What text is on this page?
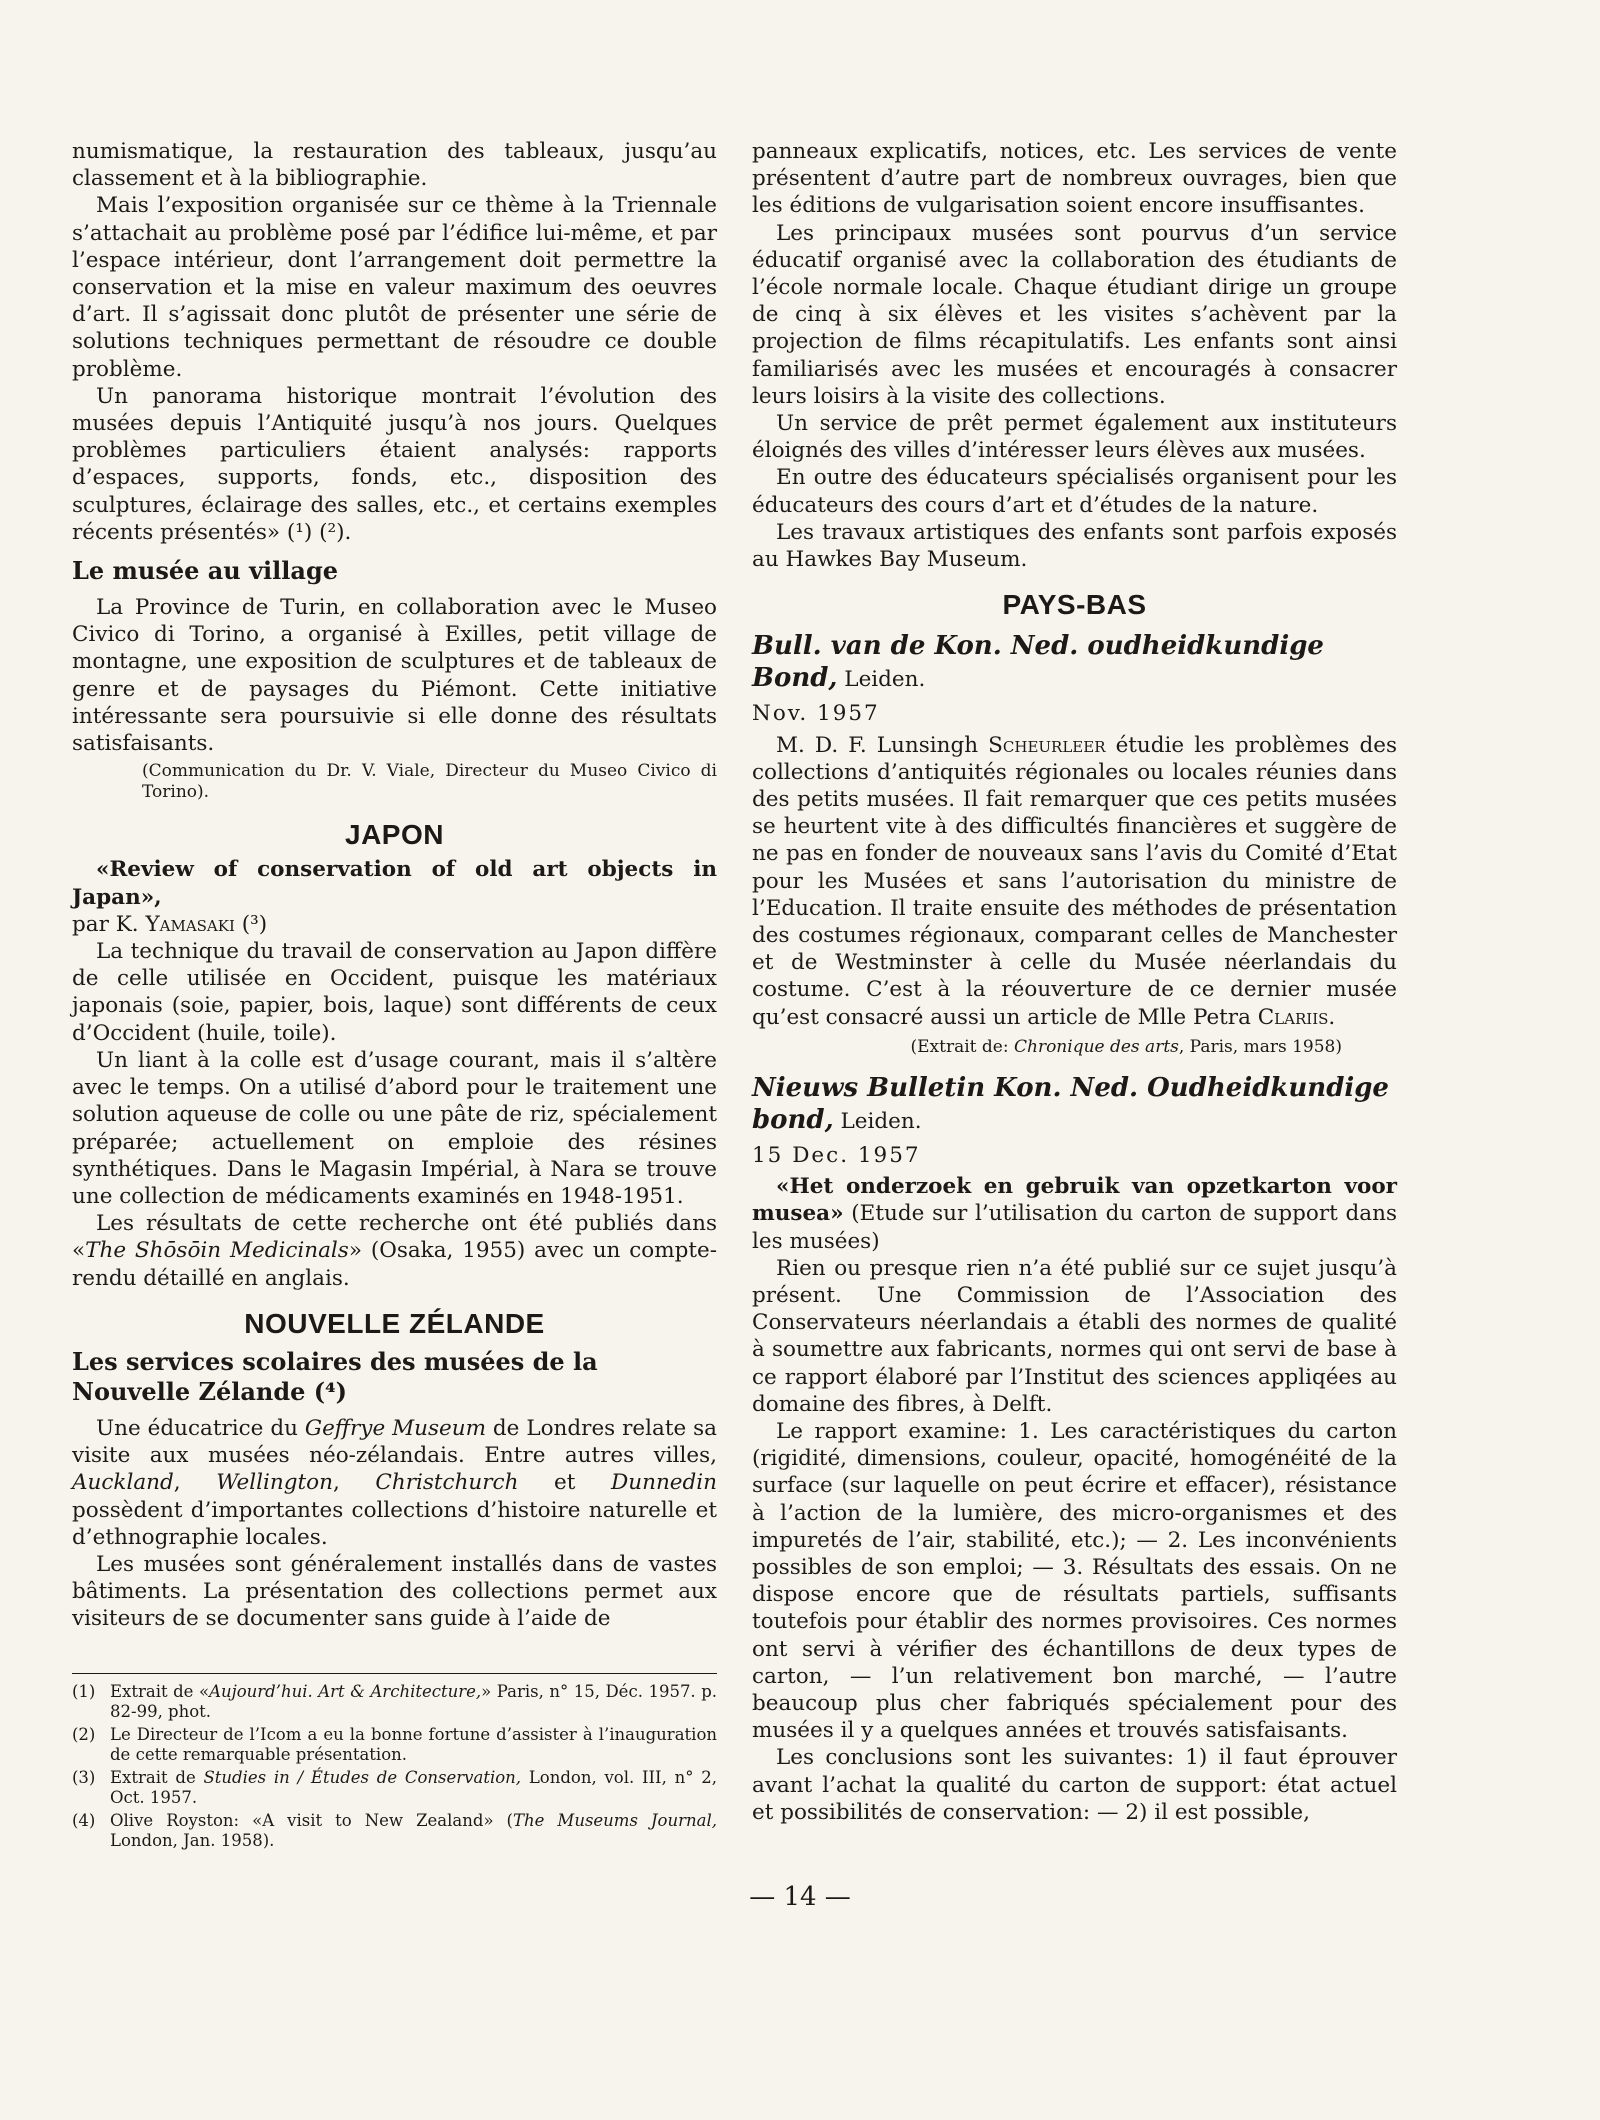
numismatique, la restauration des tableaux, jusqu’au classement et à la bibliographie.

Mais l’exposition organisée sur ce thème à la Triennale s’attachait au problème posé par l’édifice lui-même, et par l’espace intérieur, dont l’arrangement doit permettre la conservation et la mise en valeur maximum des oeuvres d’art. Il s’agissait donc plutôt de présenter une série de solutions techniques permettant de résoudre ce double problème.

Un panorama historique montrait l’évolution des musées depuis l’Antiquité jusqu’à nos jours. Quelques problèmes particuliers étaient analysés: rapports d’espaces, supports, fonds, etc., disposition des sculptures, éclairage des salles, etc., et certains exemples récents présentés» (¹) (²).

Le musée au village

La Province de Turin, en collaboration avec le Museo Civico di Torino, a organisé à Exilles, petit village de montagne, une exposition de sculptures et de tableaux de genre et de paysages du Piémont. Cette initiative intéressante sera poursuivie si elle donne des résultats satisfaisants.

(Communication du Dr. V. Viale, Directeur du Museo Civico di Torino).
JAPON

«Review of conservation of old art objects in Japan»,
par K. Yamasaki (³)

La technique du travail de conservation au Japon diffère de celle utilisée en Occident, puisque les matériaux japonais (soie, papier, bois, laque) sont différents de ceux d’Occident (huile, toile).

Un liant à la colle est d’usage courant, mais il s’altère avec le temps. On a utilisé d’abord pour le traitement une solution aqueuse de colle ou une pâte de riz, spécialement préparée; actuellement on emploie des résines synthétiques. Dans le Magasin Impérial, à Nara se trouve une collection de médicaments examinés en 1948-1951.

Les résultats de cette recherche ont été publiés dans «The Shōsōin Medicinals» (Osaka, 1955) avec un compte-rendu détaillé en anglais.

NOUVELLE ZÉLANDE
Les services scolaires des musées de la Nouvelle Zélande (⁴)

Une éducatrice du Geffrye Museum de Londres relate sa visite aux musées néo-zélandais. Entre autres villes, Auckland, Wellington, Christchurch et Dunnedin possèdent d’importantes collections d’histoire naturelle et d’ethnographie locales.

Les musées sont généralement installés dans de vastes bâtiments. La présentation des collections permet aux visiteurs de se documenter sans guide à l’aide de

(1) Extrait de «Aujourd’hui. Art & Architecture,» Paris, n° 15, Déc. 1957. p. 82-99, phot.
(2) Le Directeur de l’Icom a eu la bonne fortune d’assister à l’inauguration de cette remarquable présentation.
(3) Extrait de Studies in / Études de Conservation, London, vol. III, n° 2, Oct. 1957.
(4) Olive Royston: «A visit to New Zealand» (The Museums Journal, London, Jan. 1958).

panneaux explicatifs, notices, etc. Les services de vente présentent d’autre part de nombreux ouvrages, bien que les éditions de vulgarisation soient encore insuffisantes.

Les principaux musées sont pourvus d’un service éducatif organisé avec la collaboration des étudiants de l’école normale locale. Chaque étudiant dirige un groupe de cinq à six élèves et les visites s’achèvent par la projection de films récapitulatifs. Les enfants sont ainsi familiarisés avec les musées et encouragés à consacrer leurs loisirs à la visite des collections.

Un service de prêt permet également aux instituteurs éloignés des villes d’intéresser leurs élèves aux musées.

En outre des éducateurs spécialisés organisent pour les éducateurs des cours d’art et d’études de la nature.

Les travaux artistiques des enfants sont parfois exposés au Hawkes Bay Museum.

PAYS-BAS
Bull. van de Kon. Ned. oudheidkundige Bond, Leiden.
Nov. 1957

M. D. F. Lunsingh Scheurleer étudie les problèmes des collections d’antiquités régionales ou locales réunies dans des petits musées. Il fait remarquer que ces petits musées se heurtent vite à des difficultés financières et suggère de ne pas en fonder de nouveaux sans l’avis du Comité d’Etat pour les Musées et sans l’autorisation du ministre de l’Education. Il traite ensuite des méthodes de présentation des costumes régionaux, comparant celles de Manchester et de Westminster à celle du Musée néerlandais du costume. C’est à la réouverture de ce dernier musée qu’est consacré aussi un article de Mlle Petra Clariis.

(Extrait de: Chronique des arts, Paris, mars 1958)
Nieuws Bulletin Kon. Ned. Oudheidkundige bond, Leiden.
15 Dec. 1957

«Het onderzoek en gebruik van opzetkarton voor musea» (Etude sur l’utilisation du carton de support dans les musées)

Rien ou presque rien n’a été publié sur ce sujet jusqu’à présent. Une Commission de l’Association des Conservateurs néerlandais a établi des normes de qualité à soumettre aux fabricants, normes qui ont servi de base à ce rapport élaboré par l’Institut des sciences appliqées au domaine des fibres, à Delft.

Le rapport examine: 1. Les caractéristiques du carton (rigidité, dimensions, couleur, opacité, homogénéité de la surface (sur laquelle on peut écrire et effacer), résistance à l’action de la lumière, des micro-organismes et des impuretés de l’air, stabilité, etc.); — 2. Les inconvénients possibles de son emploi; — 3. Résultats des essais. On ne dispose encore que de résultats partiels, suffisants toutefois pour établir des normes provisoires. Ces normes ont servi à vérifier des échantillons de deux types de carton, — l’un relativement bon marché, — l’autre beaucoup plus cher fabriqués spécialement pour des musées il y a quelques années et trouvés satisfaisants.

Les conclusions sont les suivantes: 1) il faut éprouver avant l’achat la qualité du carton de support: état actuel et possibilités de conservation: — 2) il est possible,

— 14 —
